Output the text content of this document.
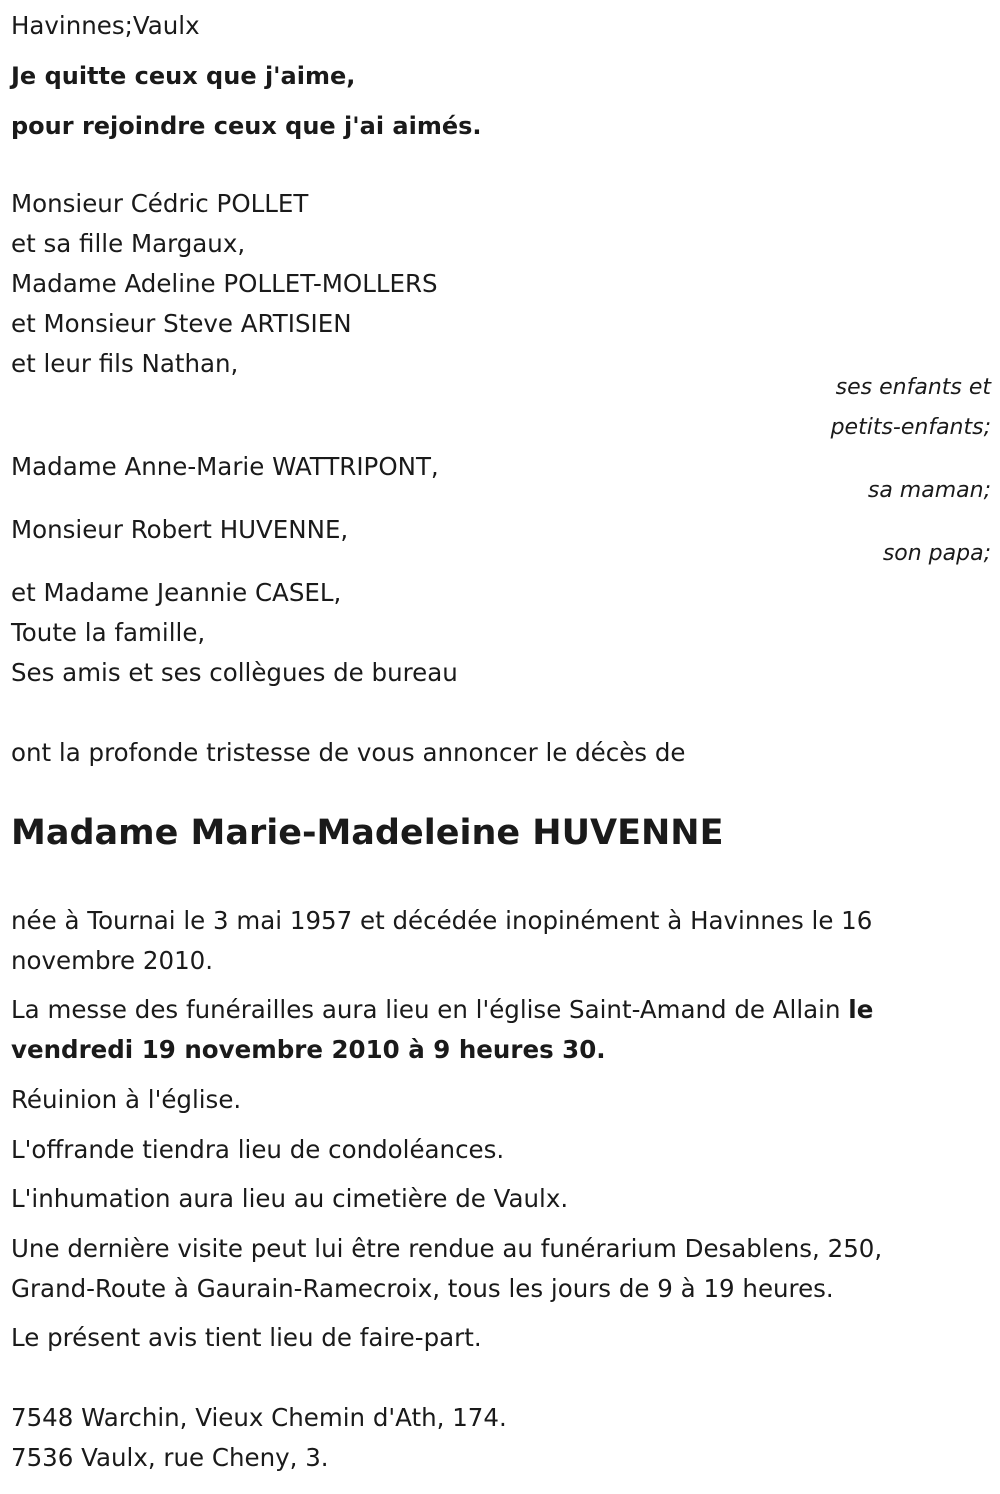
Havinnes;Vaulx
Je quitte ceux que j'aime,
pour rejoindre ceux que j'ai aimés.
Monsieur Cédric POLLET
et sa fille Margaux,
Madame Adeline POLLET-MOLLERS
et Monsieur Steve ARTISIEN
et leur fils Nathan,
ses enfants et
petits-enfants;
Madame Anne-Marie WATTRIPONT,
sa maman;
Monsieur Robert HUVENNE,
son papa;
et Madame Jeannie CASEL,
Toute la famille,
Ses amis et ses collègues de bureau
ont la profonde tristesse de vous annoncer le décès de
Madame Marie-Madeleine HUVENNE
née à Tournai le 3 mai 1957 et décédée inopinément à Havinnes le 16
novembre 2010.
La messe des funérailles aura lieu en l'église Saint-Amand de Allain le
vendredi 19 novembre 2010 à 9 heures 30.
Réuinion à l'église.
L'offrande tiendra lieu de condoléances.
L'inhumation aura lieu au cimetière de Vaulx.
Une dernière visite peut lui être rendue au funérarium Desablens, 250,
Grand-Route à Gaurain-Ramecroix, tous les jours de 9 à 19 heures.
Le présent avis tient lieu de faire-part.
7548 Warchin, Vieux Chemin d'Ath, 174.
7536 Vaulx, rue Cheny, 3.
